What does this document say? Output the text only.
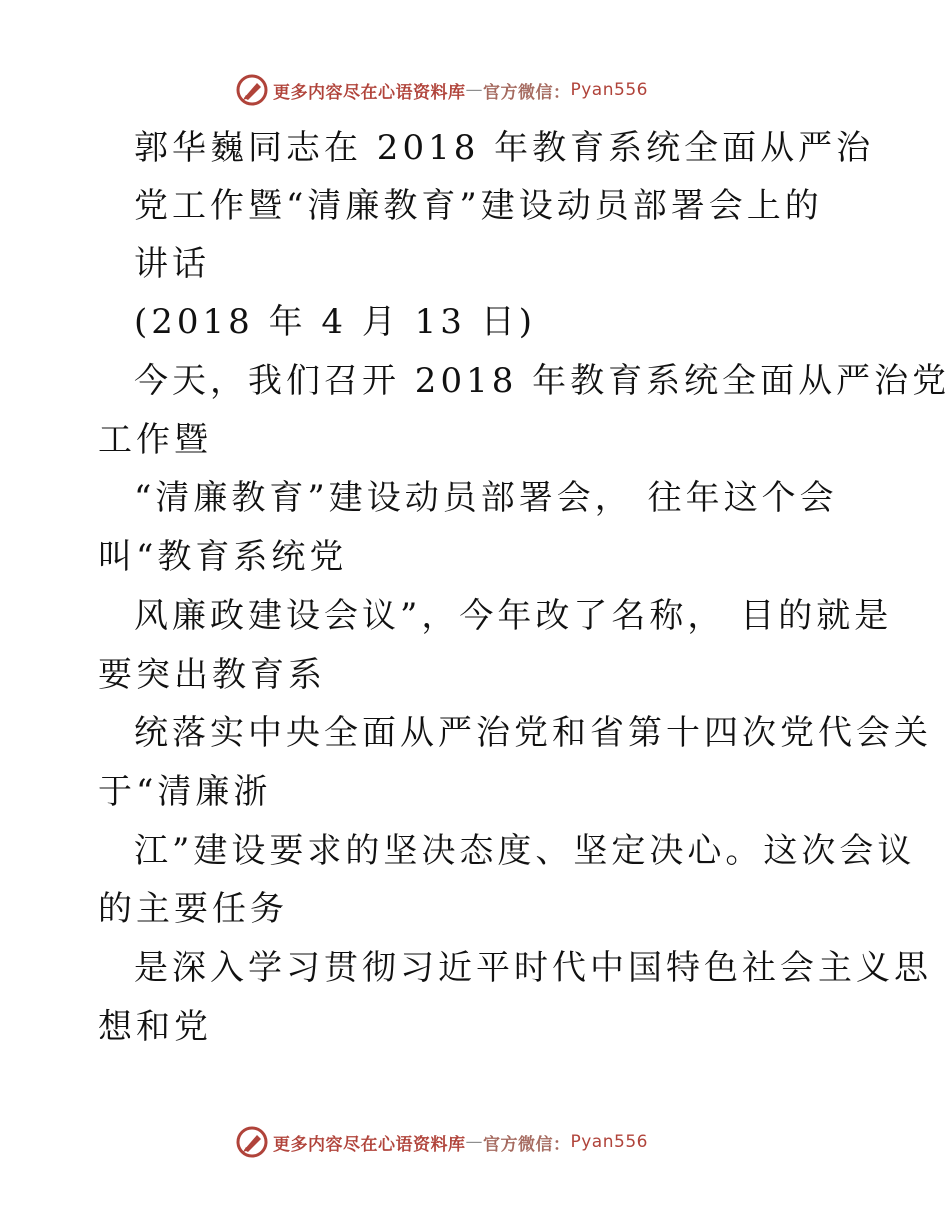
更多内容尽在心语资料库 — 官方微信： Pyan556
郭华巍同志在 2018 年教育系统全面从严治
党工作暨“清廉教育”建设动员部署会上的
讲话
(2018 年 4 月 13 日)
今天，我们召开 2018 年教育系统全面从严治党
工作暨
“清廉教育”建设动员部署会， 往年这个会
叫“教育系统党
风廉政建设会议”，今年改了名称， 目的就是
要突出教育系
统落实中央全面从严治党和省第十四次党代会关
于“清廉浙
江”建设要求的坚决态度、坚定决心。这次会议
的主要任务
是深入学习贯彻习近平时代中国特色社会主义思
想和党
更多内容尽在心语资料库 — 官方微信： Pyan556
